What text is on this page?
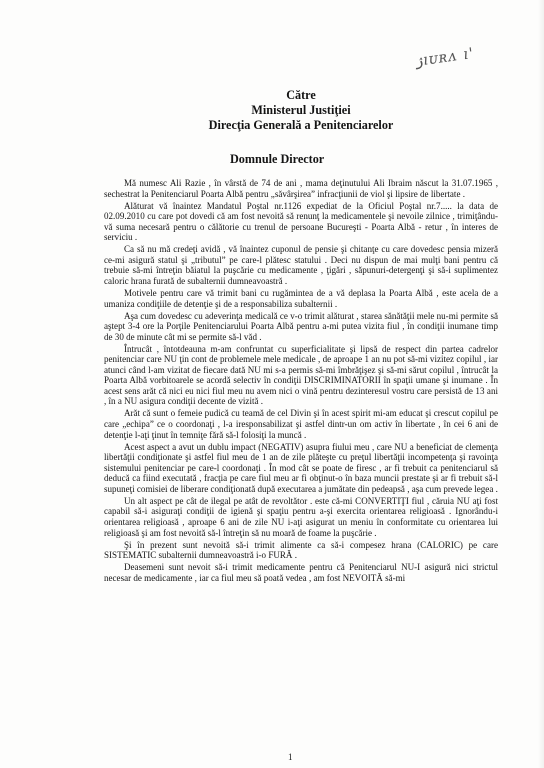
ۯ‎ıᴜʀᴧ ı'
Către
Ministerul Justiţiei
Direcţia Generală a Penitenciarelor
Domnule Director

Mă numesc Ali Razie , în vârstă de 74 de ani , mama deţinutului Ali Ibraim născut la 31.07.1965 , sechestrat la Penitenciarul Poarta Albă pentru „săvârşirea” infracţiunii de viol şi lipsire de libertate .

Alăturat vă înaintez Mandatul Poştal nr.1126 expediat de la Oficiul Poştal nr.7..... la data de 02.09.2010 cu care pot dovedi că am fost nevoită să renunţ la medicamentele şi nevoile zilnice , trimiţându-vă suma necesară pentru o călătorie cu trenul de persoane Bucureşti - Poarta Albă - retur , în interes de serviciu .

Ca să nu mă credeţi avidă , vă înaintez cuponul de pensie şi chitanţe cu care dovedesc pensia mizeră ce-mi asigură statul şi „tributul” pe care-l plătesc statului . Deci nu dispun de mai mulţi bani pentru că trebuie să-mi întreţin băiatul la puşcărie cu medicamente , ţigări , săpunuri-detergenţi şi să-i suplimentez caloric hrana furată de subalternii dumneavoastră .

Motivele pentru care vă trimit bani cu rugămintea de a vă deplasa la Poarta Albă , este acela de a umaniza condiţiile de detenţie şi de a responsabiliza subalternii .

Aşa cum dovedesc cu adeverinţa medicală ce v-o trimit alăturat , starea sănătăţii mele nu-mi permite să aştept 3-4 ore la Porţile Penitenciarului Poarta Albă pentru a-mi putea vizita fiul , în condiţii inumane timp de 30 de minute cât mi se permite să-l văd .

Întrucât , întotdeauna m-am confruntat cu superficialitate şi lipsă de respect din partea cadrelor penitenciar care NU ţin cont de problemele mele medicale , de aproape 1 an nu pot să-mi vizitez copilul , iar atunci când l-am vizitat de fiecare dată NU mi s-a permis să-mi îmbrăţişez şi să-mi sărut copilul , întrucât la Poarta Albă vorbitoarele se acordă selectiv în condiţii DISCRIMINATORII în spaţii umane şi inumane . În acest sens arăt că nici eu nici fiul meu nu avem nici o vină pentru dezinteresul vostru care persistă de 13 ani , în a NU asigura condiţii decente de vizită .

Arăt că sunt o femeie pudică cu teamă de cel Divin şi în acest spirit mi-am educat şi crescut copilul pe care „echipa” ce o coordonaţi , l-a iresponsabilizat şi astfel dintr-un om activ în libertate , în cei 6 ani de detenţie l-aţi ţinut în temniţe fără să-l folosiţi la muncă .

Acest aspect a avut un dublu impact (NEGATIV) asupra fiului meu , care NU a beneficiat de clemenţa libertăţii condiţionate şi astfel fiul meu de 1 an de zile plăteşte cu preţul libertăţii incompetenţa şi ravoinţa sistemului penitenciar pe care-l coordonaţi . În mod cât se poate de firesc , ar fi trebuit ca penitenciarul să deducă ca fiind executată , fracţia pe care fiul meu ar fi obţinut-o în baza muncii prestate şi ar fi trebuit să-l supuneţi comisiei de liberare condiţionată după executarea a jumătate din pedeapsă , aşa cum prevede legea .

Un alt aspect pe cât de ilegal pe atât de revoltător . este că-mi CONVERTIŢI fiul , căruia NU aţi fost capabil să-i asiguraţi condiţii de igienă şi spaţiu pentru a-şi exercita orientarea religioasă . Ignorându-i orientarea religioasă , aproape 6 ani de zile NU i-aţi asigurat un meniu în conformitate cu orientarea lui religioasă şi am fost nevoită să-l întreţin să nu moară de foame la puşcărie .

Şi în prezent sunt nevoită să-i trimit alimente ca să-i compesez hrana (CALORIC) pe care SISTEMATIC subalternii dumneavoastră i-o FURĂ .

Deasemeni sunt nevoit să-i trimit medicamente pentru că Penitenciarul NU-I asigură nici strictul necesar de medicamente , iar ca fiul meu să poată vedea , am fost NEVOITĂ să-mi

1
